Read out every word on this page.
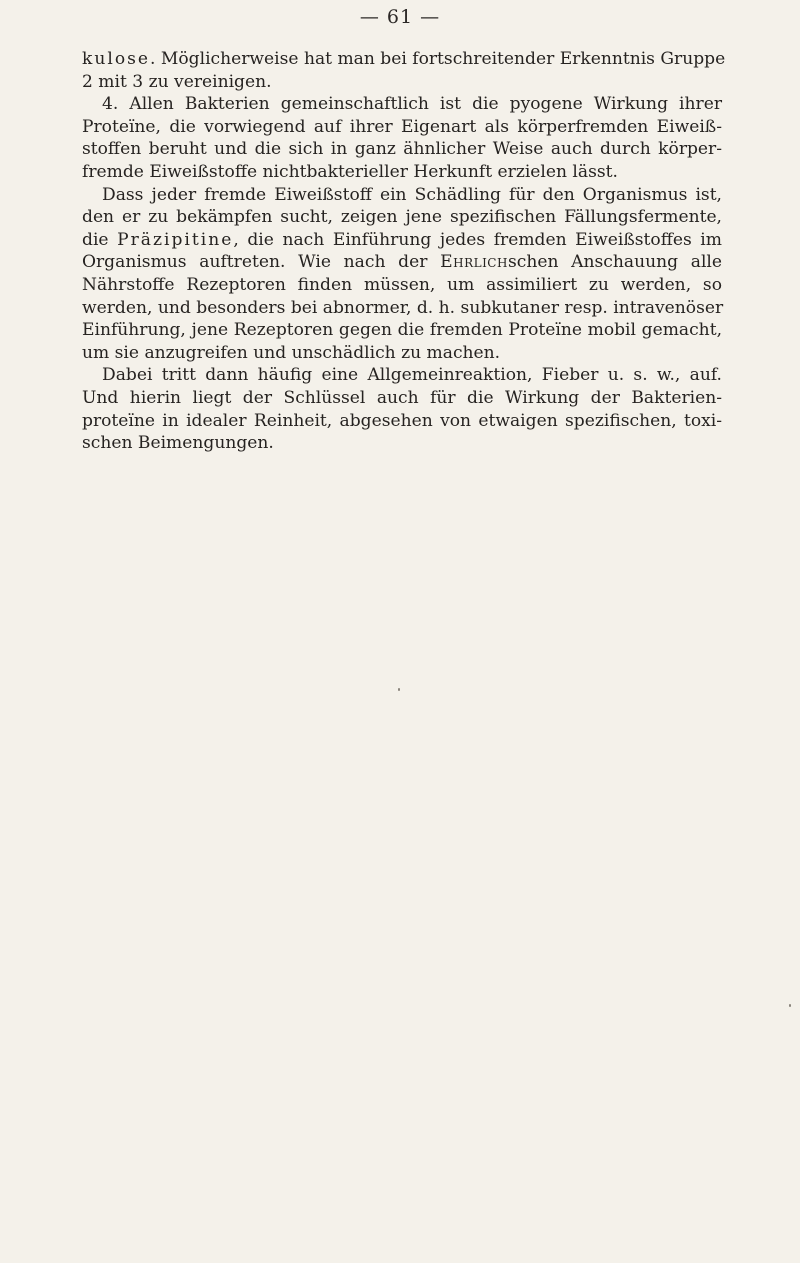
— 61 —
kulose. Möglicherweise hat man bei fortschreitender Erkenntnis Gruppe
2 mit 3 zu vereinigen.
4. Allen Bakterien gemeinschaftlich ist die pyogene Wirkung ihrer
Proteïne, die vorwiegend auf ihrer Eigenart als körperfremden Eiweiß-
stoffen beruht und die sich in ganz ähnlicher Weise auch durch körper-
fremde Eiweißstoffe nichtbakterieller Herkunft erzielen lässt.
Dass jeder fremde Eiweißstoff ein Schädling für den Organismus ist,
den er zu bekämpfen sucht, zeigen jene spezifischen Fällungsfermente,
die Präzipitine, die nach Einführung jedes fremden Eiweißstoffes im
Organismus auftreten. Wie nach der Ehrlichschen Anschauung alle
Nährstoffe Rezeptoren finden müssen, um assimiliert zu werden, so
werden, und besonders bei abnormer, d. h. subkutaner resp. intravenöser
Einführung, jene Rezeptoren gegen die fremden Proteïne mobil gemacht,
um sie anzugreifen und unschädlich zu machen.
Dabei tritt dann häufig eine Allgemeinreaktion, Fieber u. s. w., auf.
Und hierin liegt der Schlüssel auch für die Wirkung der Bakterien-
proteïne in idealer Reinheit, abgesehen von etwaigen spezifischen, toxi-
schen Beimengungen.
